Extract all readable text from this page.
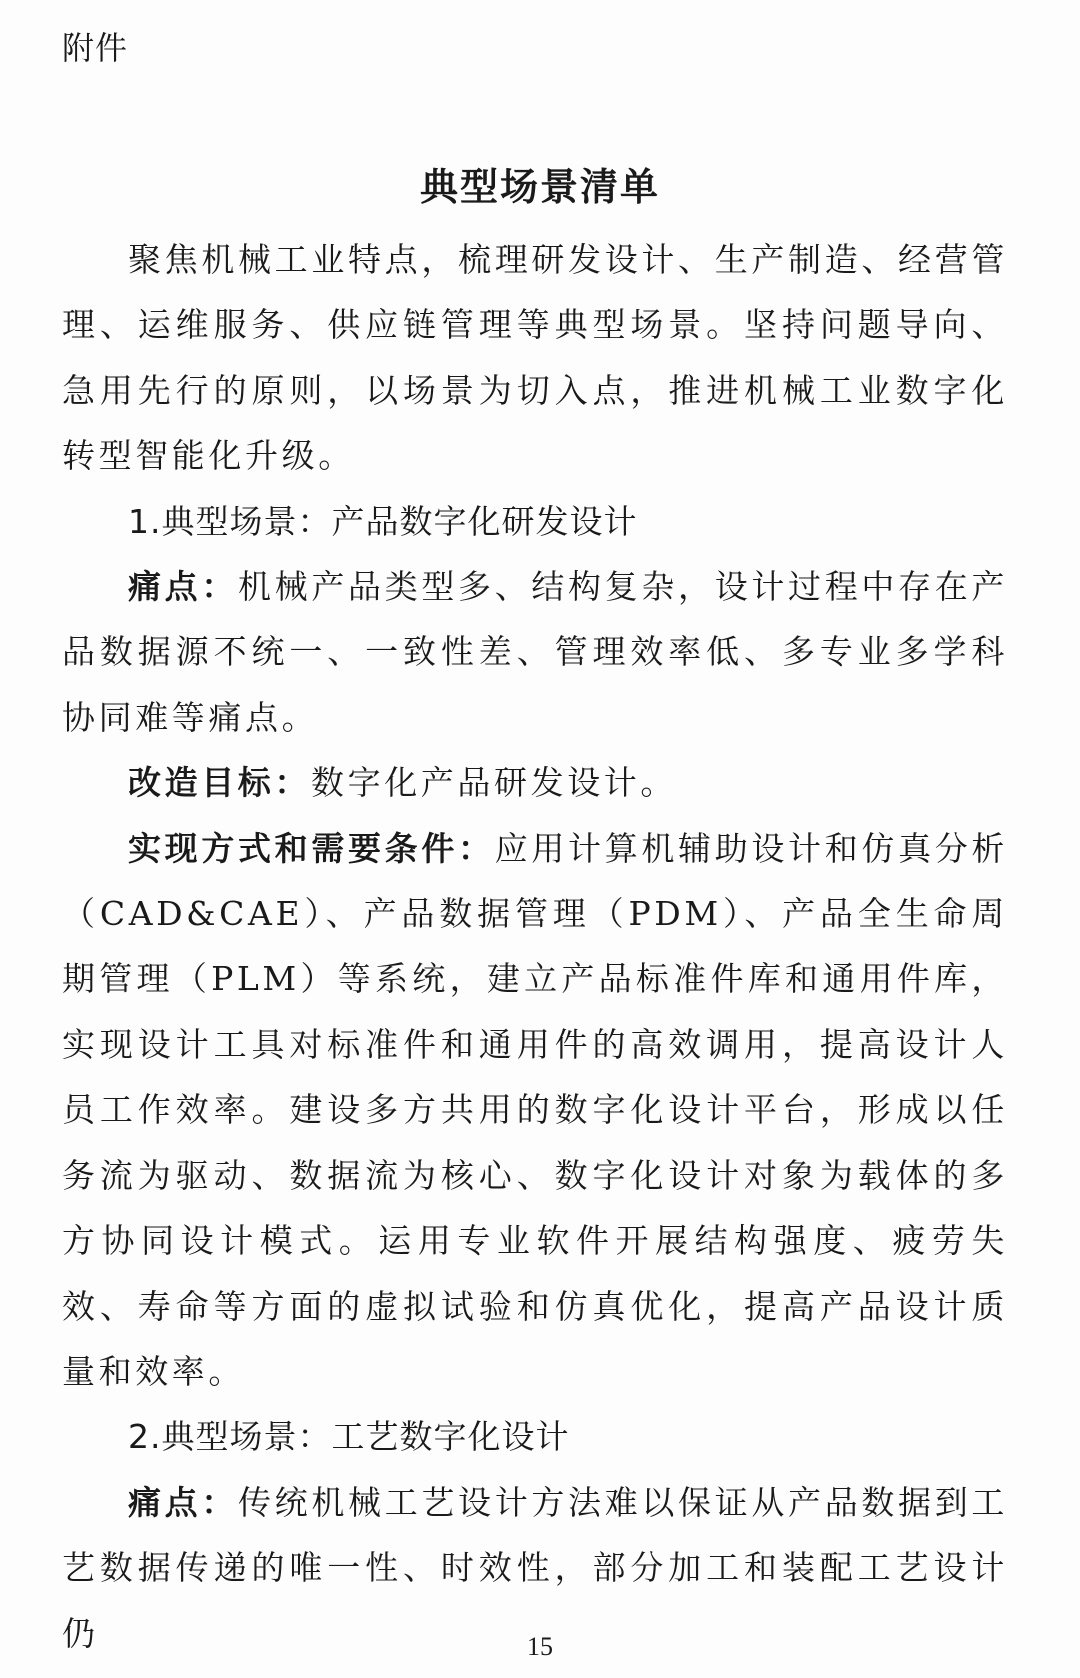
附件
典型场景清单

聚焦机械工业特点，梳理研发设计、生产制造、经营管理、运维服务、供应链管理等典型场景。坚持问题导向、急用先行的原则，以场景为切入点，推进机械工业数字化转型智能化升级。

1.典型场景：产品数字化研发设计

痛点：机械产品类型多、结构复杂，设计过程中存在产品数据源不统一、一致性差、管理效率低、多专业多学科协同难等痛点。

改造目标：数字化产品研发设计。

实现方式和需要条件：应用计算机辅助设计和仿真分析（CAD&CAE）、产品数据管理（PDM）、产品全生命周期管理（PLM）等系统，建立产品标准件库和通用件库，实现设计工具对标准件和通用件的高效调用，提高设计人员工作效率。建设多方共用的数字化设计平台，形成以任务流为驱动、数据流为核心、数字化设计对象为载体的多方协同设计模式。运用专业软件开展结构强度、疲劳失效、寿命等方面的虚拟试验和仿真优化，提高产品设计质量和效率。

2.典型场景：工艺数字化设计

痛点：传统机械工艺设计方法难以保证从产品数据到工艺数据传递的唯一性、时效性，部分加工和装配工艺设计仍	15
